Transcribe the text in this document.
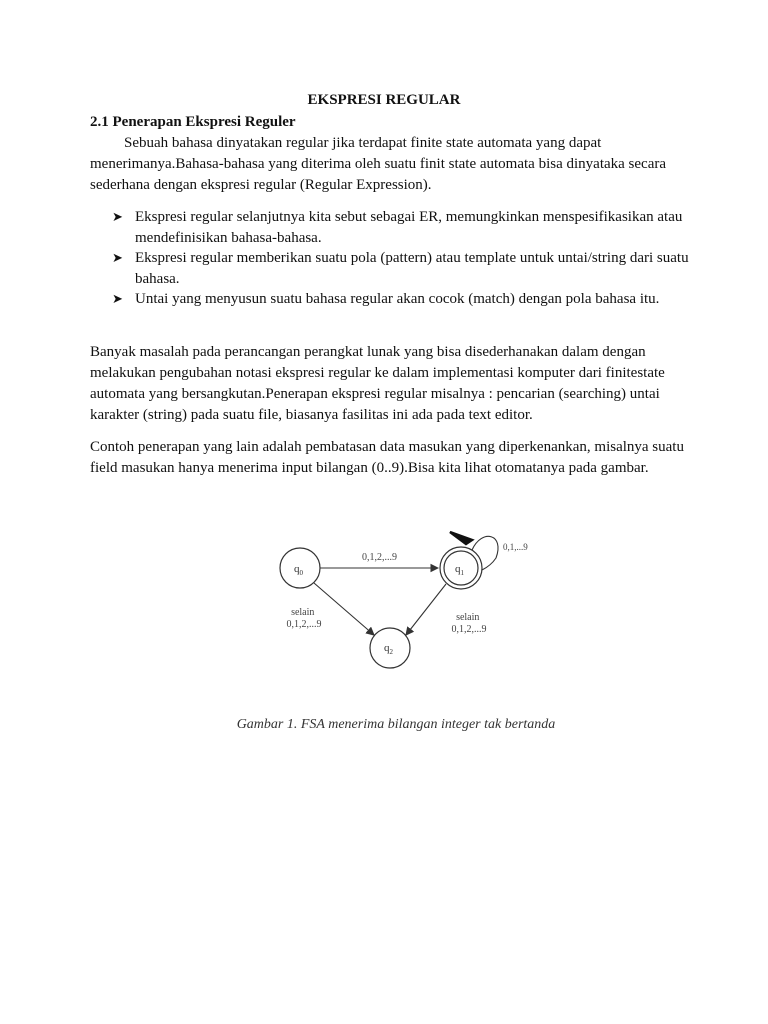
EKSPRESI REGULAR
2.1 Penerapan Ekspresi Reguler
Sebuah bahasa dinyatakan regular jika terdapat finite state automata yang dapat menerimanya.Bahasa-bahasa yang diterima oleh suatu finit state automata bisa dinyataka secara sederhana dengan ekspresi regular (Regular Expression).
➤ Ekspresi regular selanjutnya kita sebut sebagai ER, memungkinkan menspesifikasikan atau mendefinisikan bahasa-bahasa.
➤ Ekspresi regular memberikan suatu pola (pattern) atau template untuk untai/string dari suatu bahasa.
➤ Untai yang menyusun suatu bahasa regular akan cocok (match) dengan pola bahasa itu.
Banyak masalah pada perancangan perangkat lunak yang bisa disederhanakan dalam dengan melakukan pengubahan notasi ekspresi regular ke dalam implementasi komputer dari finitestate automata yang bersangkutan.Penerapan ekspresi regular misalnya : pencarian (searching) untai karakter (string) pada suatu file, biasanya fasilitas ini ada pada text editor.
Contoh penerapan yang lain adalah pembatasan data masukan yang diperkenankan, misalnya suatu field masukan hanya menerima input bilangan (0..9).Bisa kita lihat otomatanya pada gambar.
$q_0$	$q_1$
$q_2$
0,1,2,...9
0,1,...9
selain 0,1,2,...9
selain 0,1,2,...9
Gambar 1. FSA menerima bilangan integer tak bertanda
